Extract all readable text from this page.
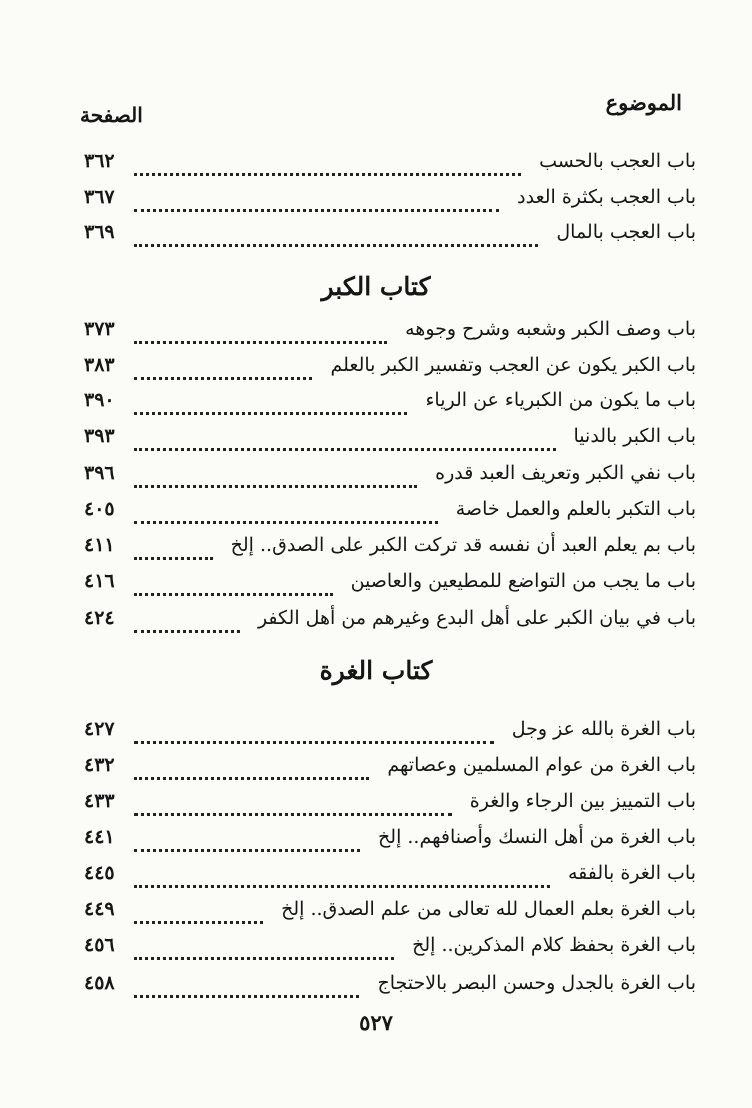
الموضوع
الصفحة
باب العجب بالحسب
٣٦٢
باب العجب بكثرة العدد
٣٦٧
باب العجب بالمال
٣٦٩
كتاب الكبر
باب وصف الكبر وشعبه وشرح وجوهه
٣٧٣
باب الكبر يكون عن العجب وتفسير الكبر بالعلم
٣٨٣
باب ما يكون من الكبرياء عن الرياء
٣٩٠
باب الكبر بالدنيا
٣٩٣
باب نفي الكبر وتعريف العبد قدره
٣٩٦
باب التكبر بالعلم والعمل خاصة
٤٠٥
باب بم يعلم العبد أن نفسه قد تركت الكبر على الصدق.. إلخ
٤١١
باب ما يجب من التواضع للمطيعين والعاصين
٤١٦
باب في بيان الكبر على أهل البدع وغيرهم من أهل الكفر
٤٢٤
كتاب الغرة
باب الغرة بالله عز وجل
٤٢٧
باب الغرة من عوام المسلمين وعصاتهم
٤٣٢
باب التمييز بين الرجاء والغرة
٤٣٣
باب الغرة من أهل النسك وأصنافهم.. إلخ
٤٤١
باب الغرة بالفقه
٤٤٥
باب الغرة بعلم العمال لله تعالى من علم الصدق.. إلخ
٤٤٩
باب الغرة بحفظ كلام المذكرين.. إلخ
٤٥٦
باب الغرة بالجدل وحسن البصر بالاحتجاج
٤٥٨
٥٢٧
